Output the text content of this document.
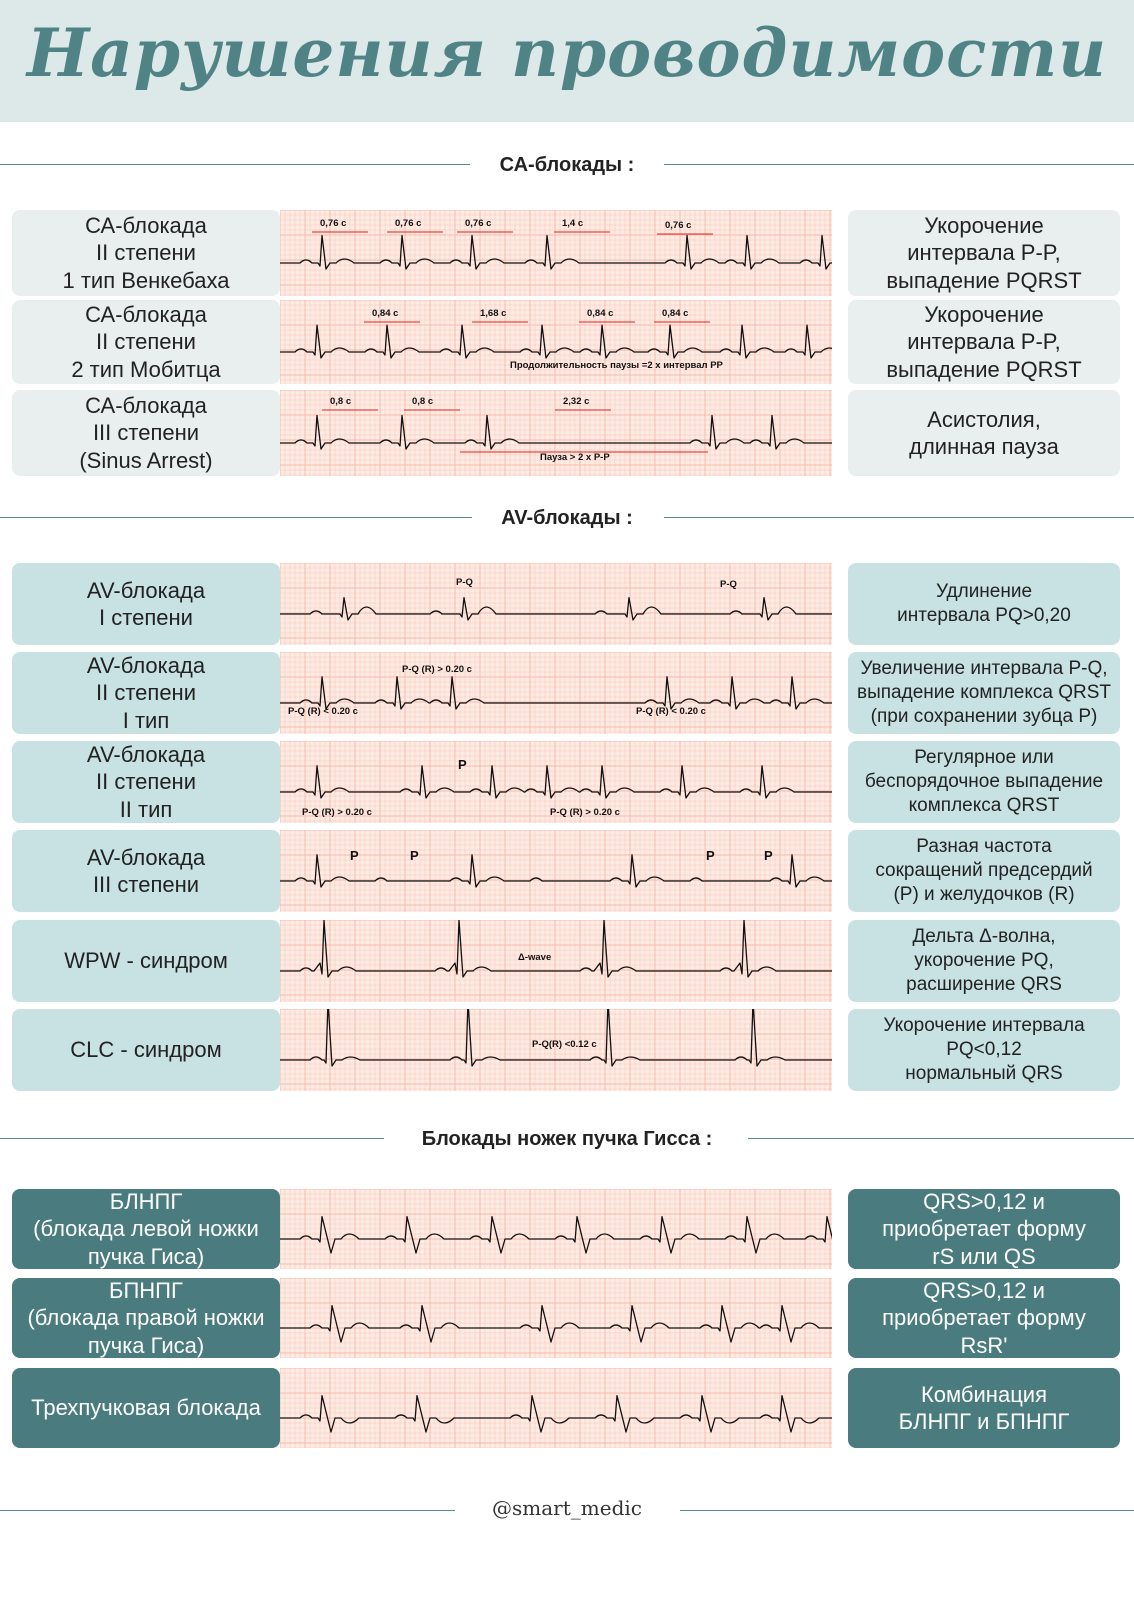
Нарушения проводимости
СА-блокады :
AV-блокады :
Блокады ножек пучка Гисса :
СА-блокада
II степени
1 тип Венкебаха
0,76 с	0,76 с	0,76 с	1,4 с	0,76 с	Укорочение
интервала P-P,
выпадение PQRST
СА-блокада
II степени
2 тип Мобитца
0,84 с	1,68 с	0,84 с	0,84 с
Продолжительность паузы =2 х интервал РР
Укорочение
интервала P-P,
выпадение PQRST
СА-блокада
III степени
(Sinus Arrest)
0,8 с	0,8 с	2,32 с
Пауза > 2 х Р-Р
Асистолия,
длинная пауза
AV-блокада
I степени
P-Q	P-Q	Удлинение
интервала PQ>0,20
AV-блокада
II степени
I тип
P-Q (R) > 0.20 c
P-Q (R) < 0.20 c	P-Q (R) < 0.20 c
Увеличение интервала P-Q,
выпадение комплекса QRST
(при сохранении зубца Р)
AV-блокада
II степени
II тип
P
P-Q (R) > 0.20 c	P-Q (R) > 0.20 c
Регулярное или
беспорядочное выпадение
комплекса QRST
AV-блокада
III степени
P	P	P	P	Разная частота
сокращений предсердий
(Р) и желудочков (R)
WPW - синдром	Δ-wave
Дельта Δ-волна,
укорочение PQ,
расширение QRS
CLC - синдром	P-Q(R) <0.12 c
Укорочение интервала
PQ<0,12
нормальный QRS
БЛНПГ
(блокада левой ножки
пучка Гиса)
QRS>0,12 и
приобретает форму
rS или QS
БПНПГ
(блокада правой ножки
пучка Гиса)
QRS>0,12 и
приобретает форму
RsR'
Трехпучковая блокада
Комбинация
БЛНПГ и БПНПГ
@smart_medic
